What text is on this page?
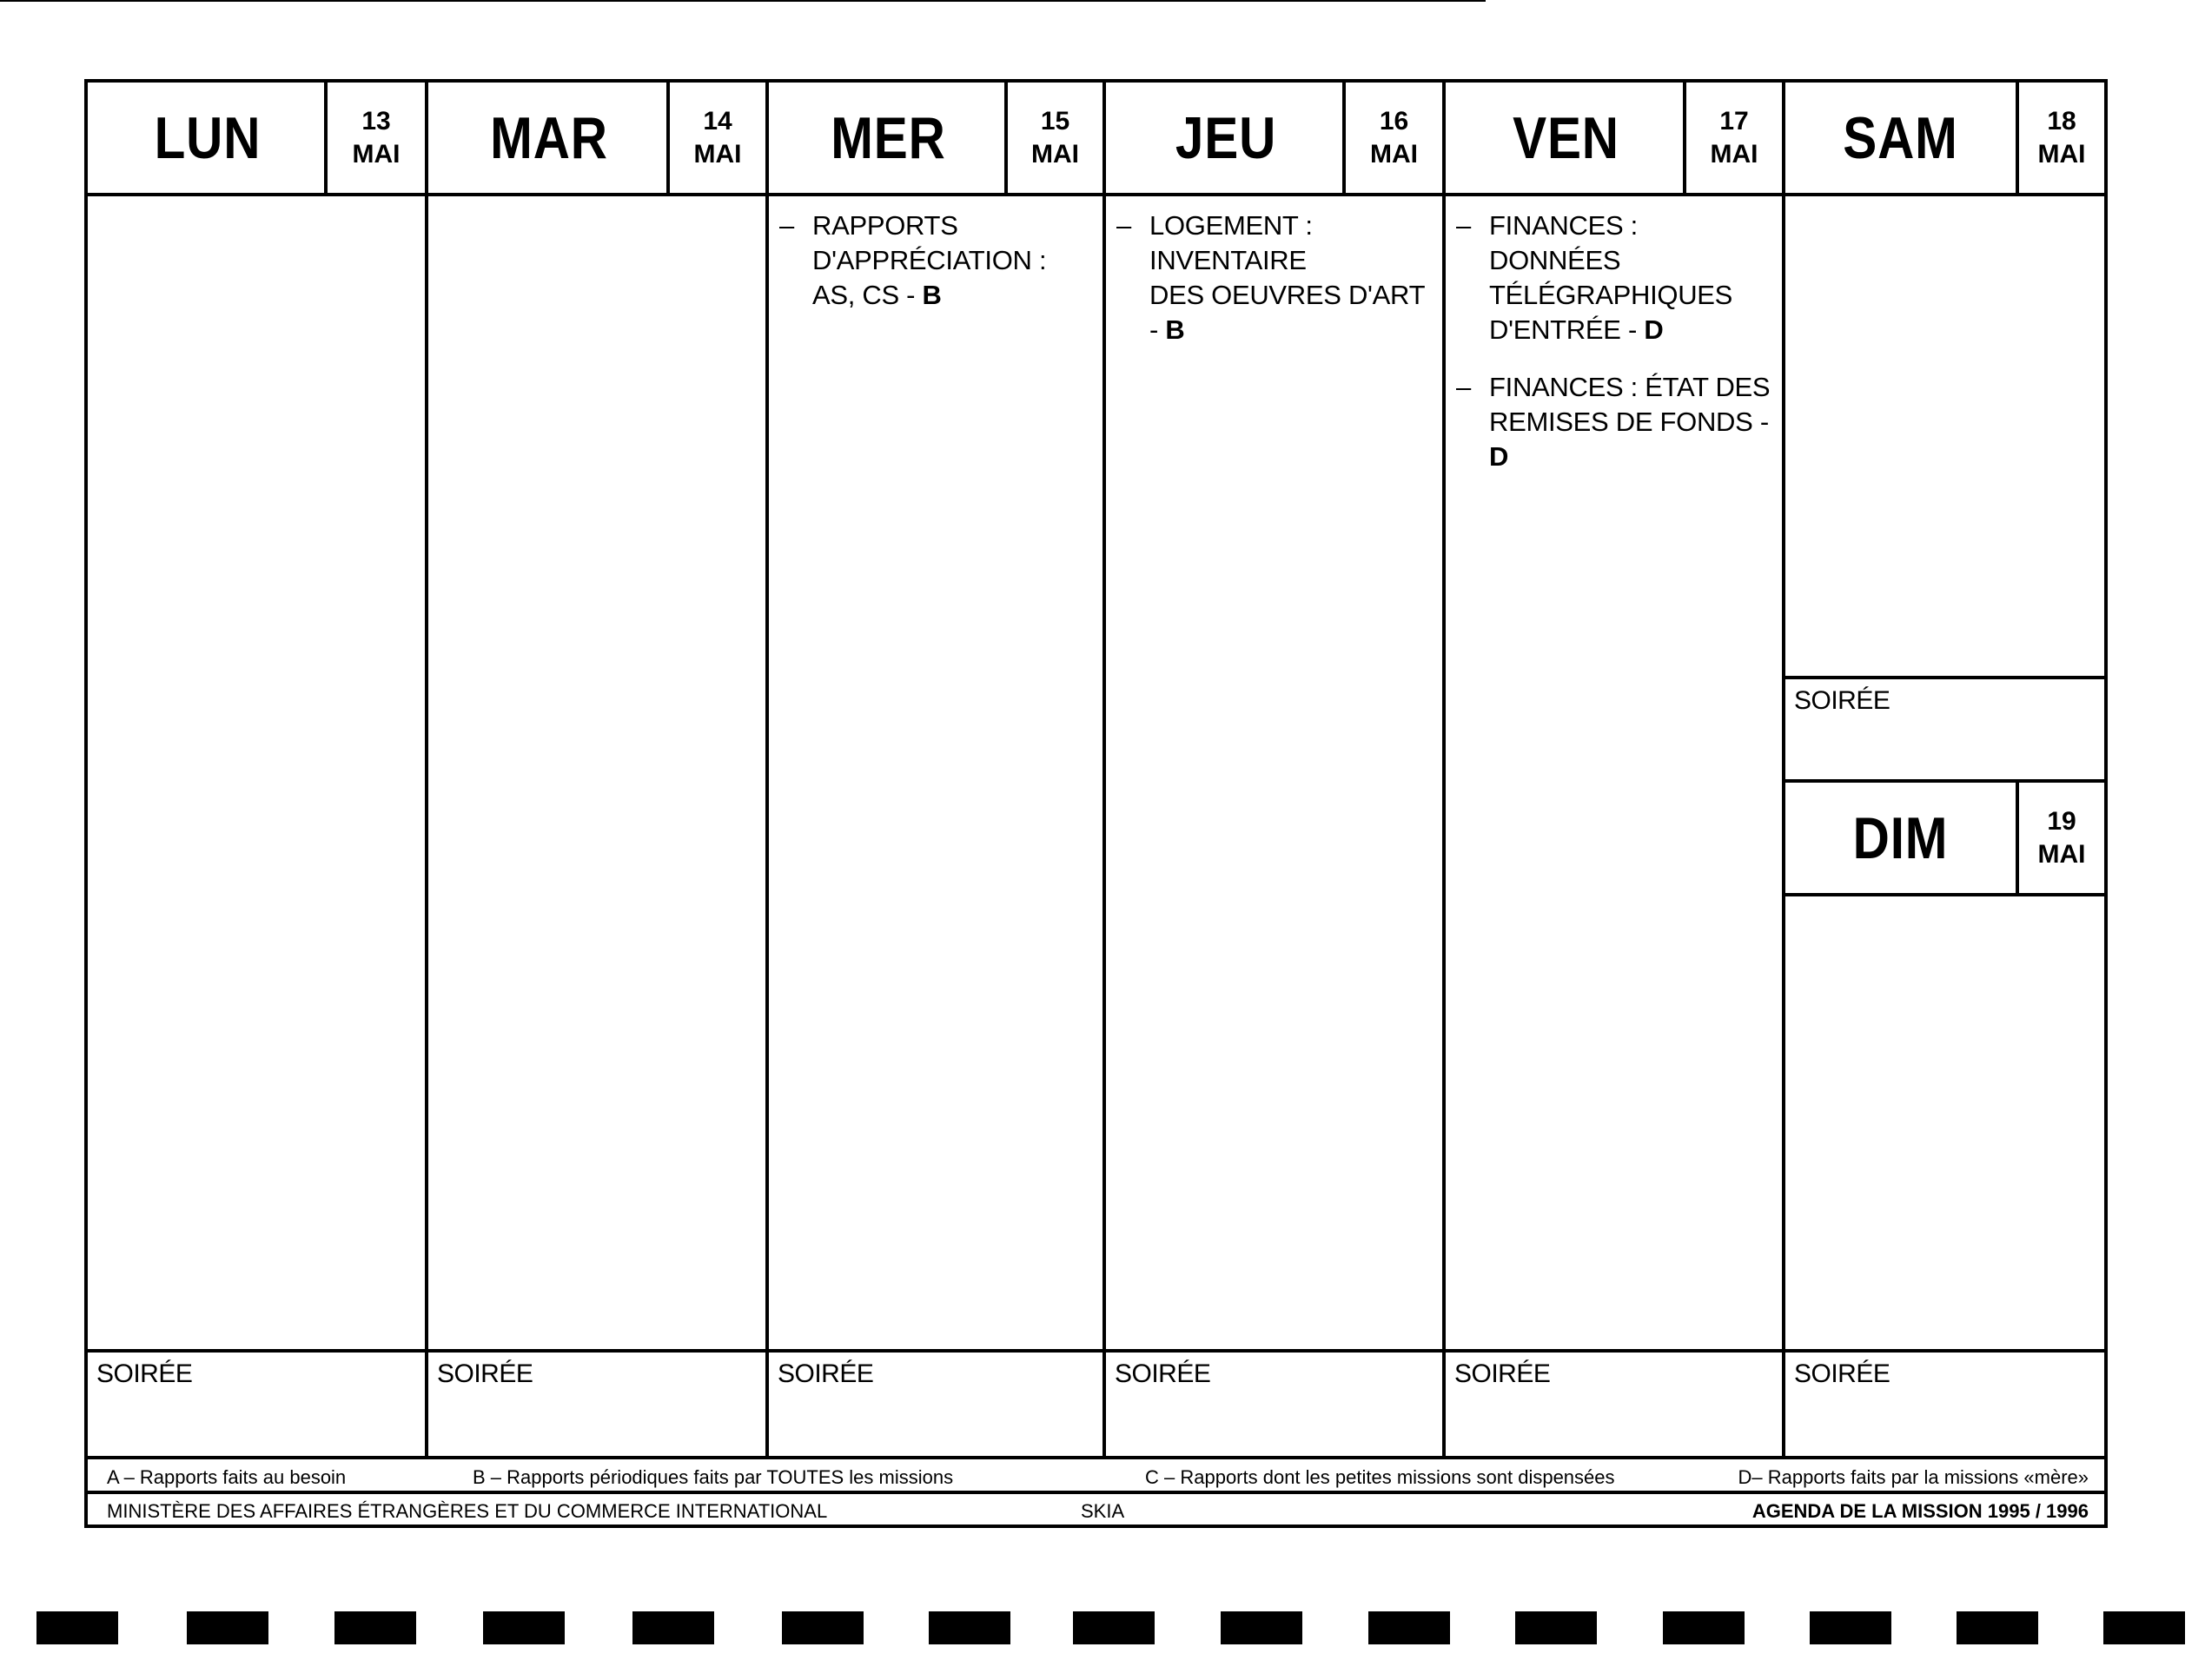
LUN	13
MAI
SOIRÉE
MAR	14
MAI
SOIRÉE
MER	15
MAI
– RAPPORTS
D'APPRÉCIATION :
AS, CS - B
SOIRÉE
JEU	16
MAI
– LOGEMENT : INVENTAIRE
DES OEUVRES D'ART - B
SOIRÉE
VEN	17
MAI
– FINANCES : DONNÉES
TÉLÉGRAPHIQUES
D'ENTRÉE - D
– FINANCES : ÉTAT DES
REMISES DE FONDS - D
SOIRÉE
SAM	18
MAI
SOIRÉE
DIM	19
MAI
SOIRÉE
A – Rapports faits au besoin	B – Rapports périodiques faits par TOUTES les missions	C – Rapports dont les petites missions sont dispensées	D– Rapports faits par la missions «mère»
MINISTÈRE DES AFFAIRES ÉTRANGÈRES ET DU COMMERCE INTERNATIONAL	SKIA	AGENDA DE LA MISSION 1995 / 1996
